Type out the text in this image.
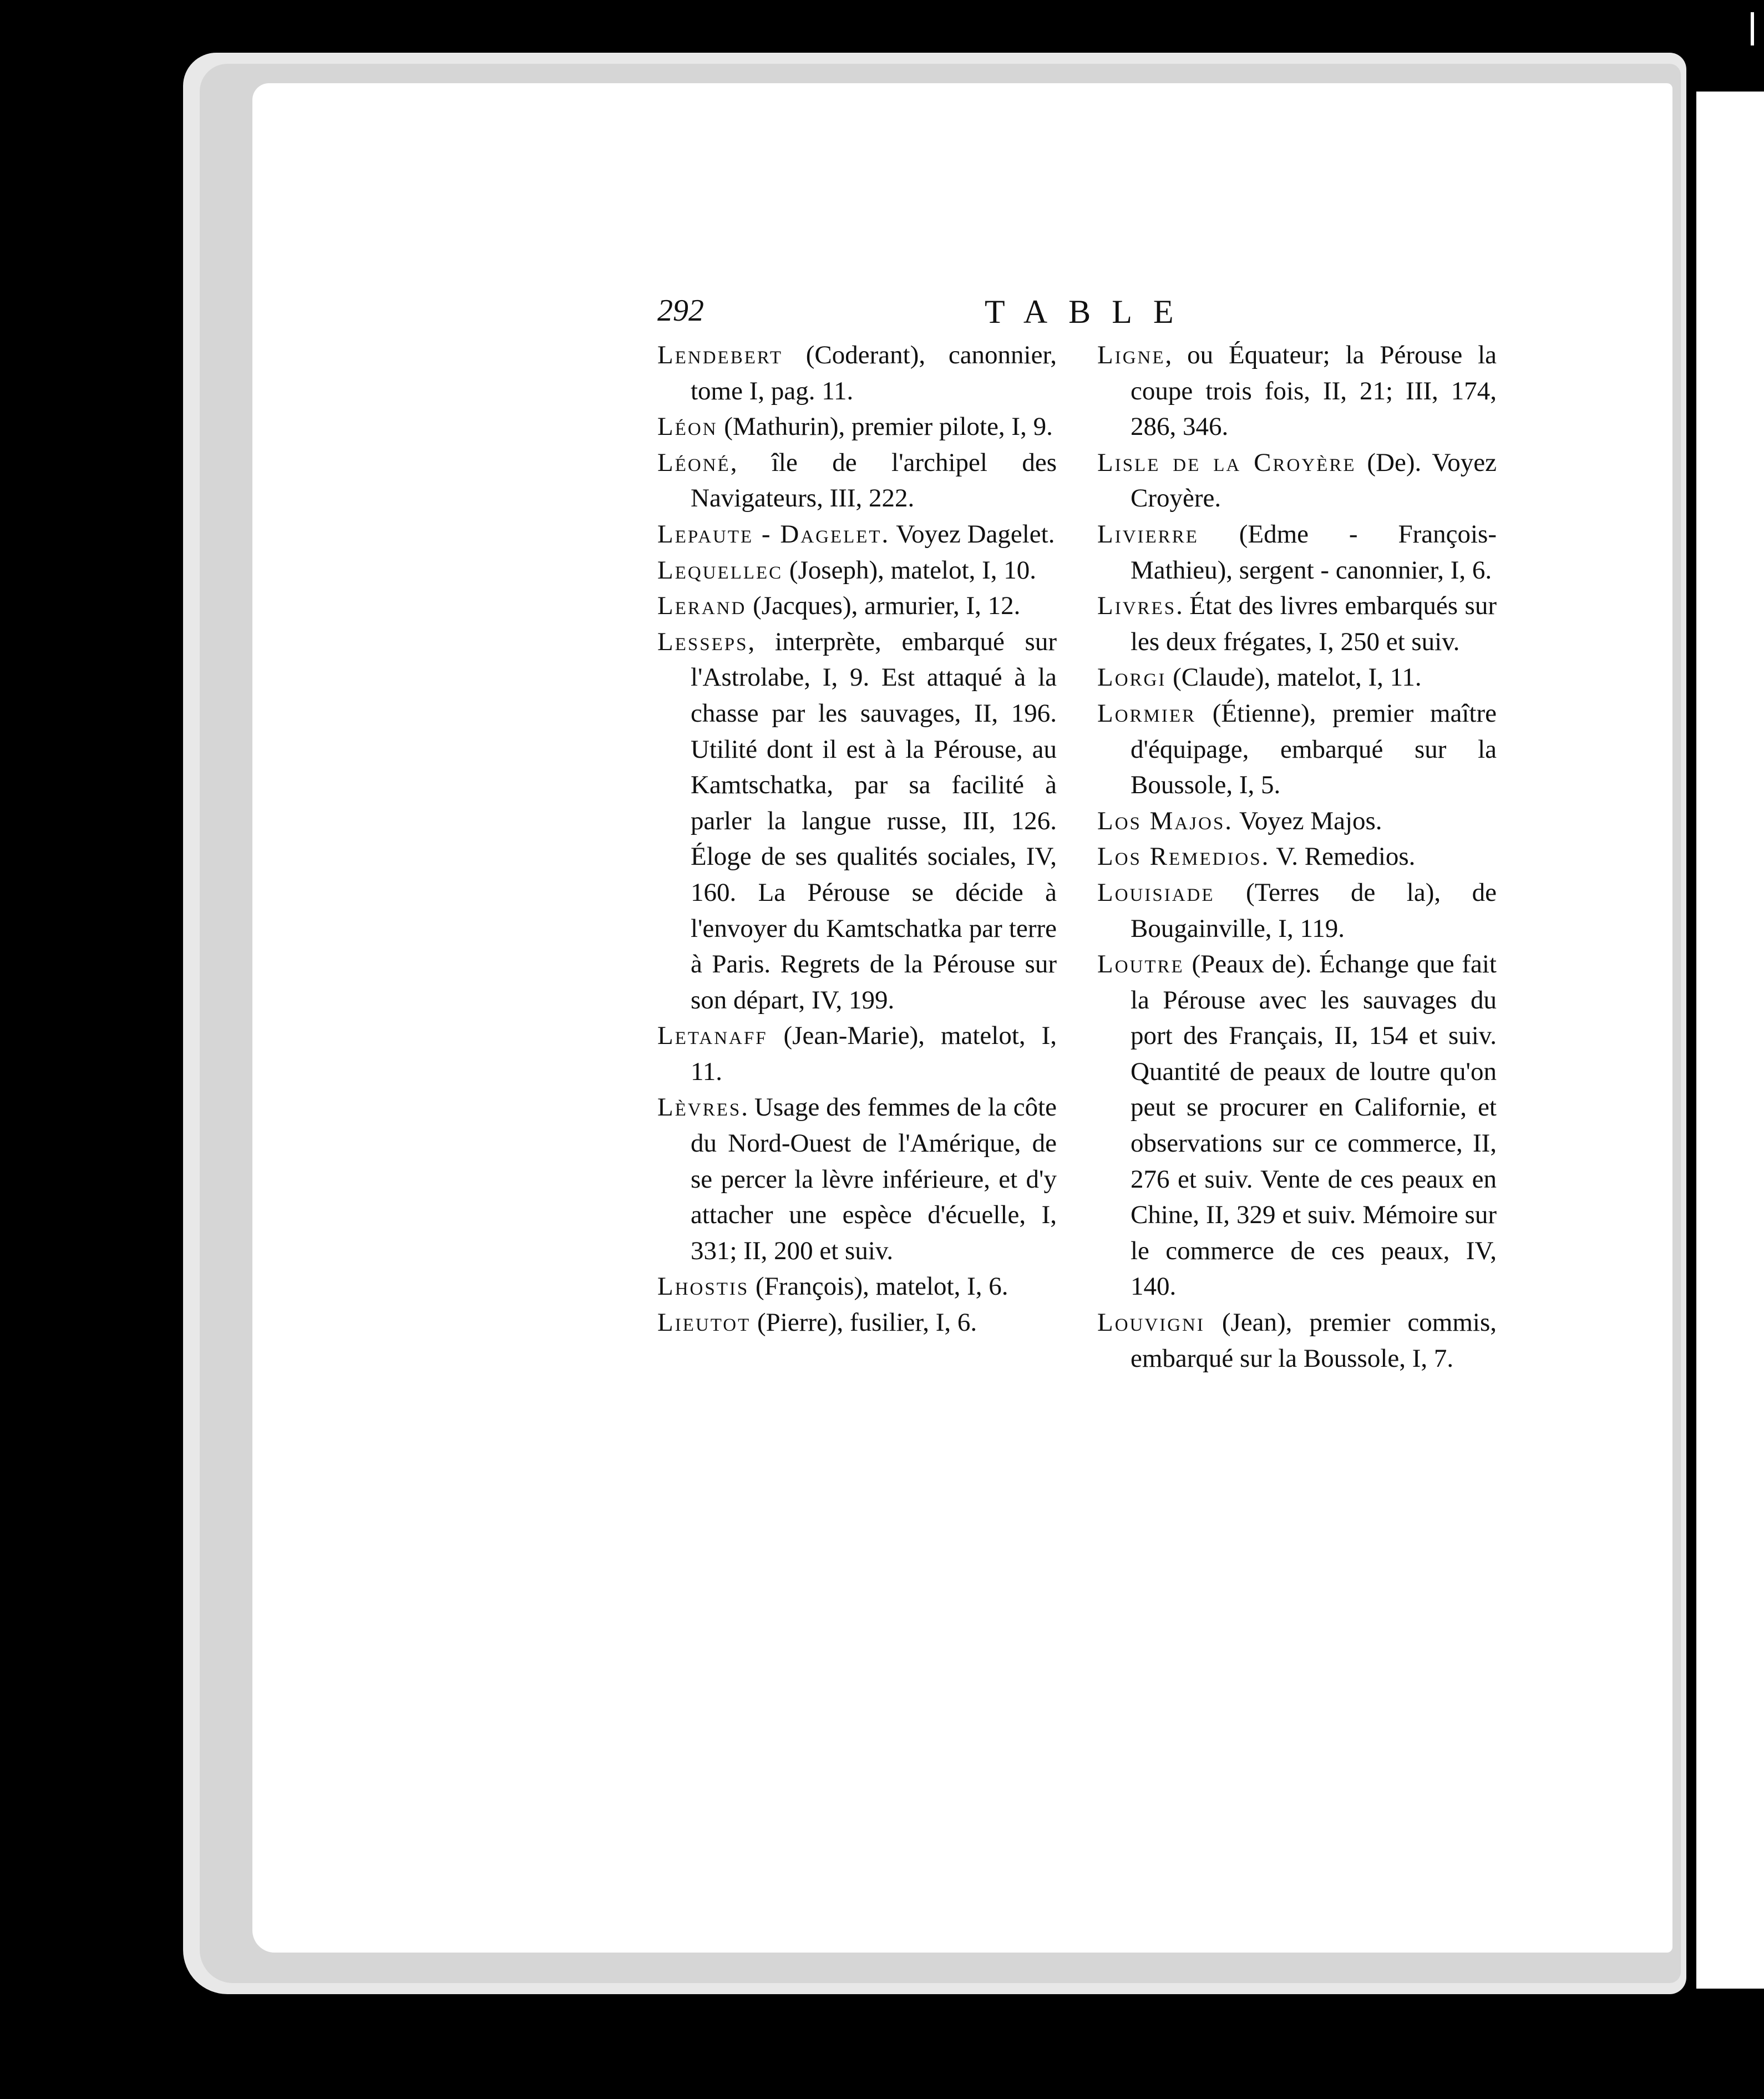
292	TABLE

Lendebert (Coderant), canonnier, tome I, pag. 11.

Léon (Mathurin), premier pilote, I, 9.

Léoné, île de l'archipel des Navigateurs, III, 222.

Lepaute - Dagelet. Voyez Dagelet.

Lequellec (Joseph), matelot, I, 10.

Lerand (Jacques), armurier, I, 12.

Lesseps, interprète, embarqué sur l'Astrolabe, I, 9. Est attaqué à la chasse par les sauvages, II, 196. Utilité dont il est à la Pérouse, au Kamtschatka, par sa facilité à parler la langue russe, III, 126. Éloge de ses qualités sociales, IV, 160. La Pérouse se décide à l'envoyer du Kamtschatka par terre à Paris. Regrets de la Pérouse sur son départ, IV, 199.

Letanaff (Jean-Marie), matelot, I, 11.

Lèvres. Usage des femmes de la côte du Nord-Ouest de l'Amérique, de se percer la lèvre inférieure, et d'y attacher une espèce d'écuelle, I, 331; II, 200 et suiv.

Lhostis (François), matelot, I, 6.

Lieutot (Pierre), fusilier, I, 6.

Ligne, ou Équateur; la Pérouse la coupe trois fois, II, 21; III, 174, 286, 346.

Lisle de la Croyère (De). Voyez Croyère.

Livierre (Edme - François-Mathieu), sergent - canonnier, I, 6.

Livres. État des livres embarqués sur les deux frégates, I, 250 et suiv.

Lorgi (Claude), matelot, I, 11.

Lormier (Étienne), premier maître d'équipage, embarqué sur la Boussole, I, 5.

Los Majos. Voyez Majos.

Los Remedios. V. Remedios.

Louisiade (Terres de la), de Bougainville, I, 119.

Loutre (Peaux de). Échange que fait la Pérouse avec les sauvages du port des Français, II, 154 et suiv. Quantité de peaux de loutre qu'on peut se procurer en Californie, et observations sur ce commerce, II, 276 et suiv. Vente de ces peaux en Chine, II, 329 et suiv. Mémoire sur le commerce de ces peaux, IV, 140.

Louvigni (Jean), premier commis, embarqué sur la Boussole, I, 7.
